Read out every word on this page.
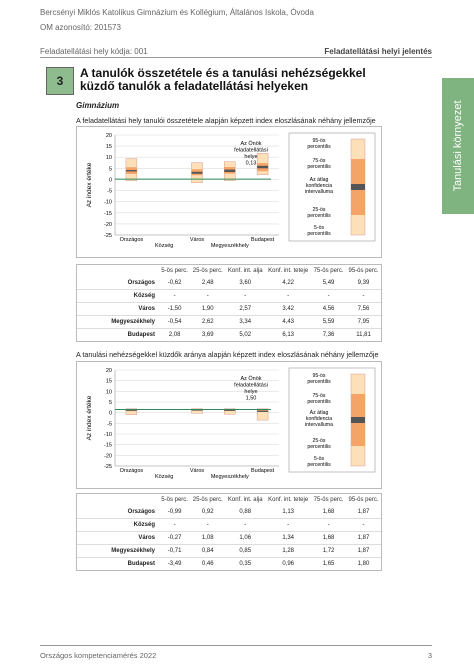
Bercsényi Miklós Katolikus Gimnázium és Kollégium, Általános Iskola, Óvoda
OM azonosító: 201573
Feladatellátási hely kódja: 001	Feladatellátási helyi jelentés
3
A tanulók összetétele és a tanulási nehézségekkel küzdő tanulók a feladatellátási helyeken
Tanulási környezet
Gimnázium
A feladatellátási hely tanulói összetétele alapján képzett index eloszlásának néhány jellemzője
Az index értéke
20
15
10
5
0
-5
-10
-15
-20
-25
Országos
Község
Város
Megyeszékhely
Budapest
Az Önök feladatellátási helye 0,13
95-ös percentilis
75-ös percentilis
Az átlag konfidencia intervalluma
25-ös percentilis
5-ös percentilis
	5-ös perc.	25-ös perc.	Konf. int. alja	Konf. int. teteje	75-ös perc.	95-ös perc.
Országos	-0,62	2,48	3,60	4,22	5,49	9,39
Község	-	-	-	-	-	-
Város	-1,50	1,90	2,57	3,42	4,56	7,56
Megyeszékhely	-0,54	2,62	3,34	4,43	5,59	7,95
Budapest	2,08	3,69	5,02	6,13	7,36	11,81
A tanulási nehézségekkel küzdők aránya alapján képzett index eloszlásának néhány jellemzője
Az index értéke
20
15
10
5
0
-5
-10
-15
-20
-25
Országos
Község
Város
Megyeszékhely
Budapest
Az Önök feladatellátási helye 1,50
95-ös percentilis
75-ös percentilis
Az átlag konfidencia intervalluma
25-ös percentilis
5-ös percentilis
	5-ös perc.	25-ös perc.	Konf. int. alja	Konf. int. teteje	75-ös perc.	95-ös perc.
Országos	-0,99	0,92	0,88	1,13	1,68	1,87
Község	-	-	-	-	-	-
Város	-0,27	1,08	1,06	1,34	1,68	1,87
Megyeszékhely	-0,71	0,84	0,85	1,28	1,72	1,87
Budapest	-3,49	0,46	0,35	0,96	1,65	1,80
Országos kompetenciamérés 2022	3
